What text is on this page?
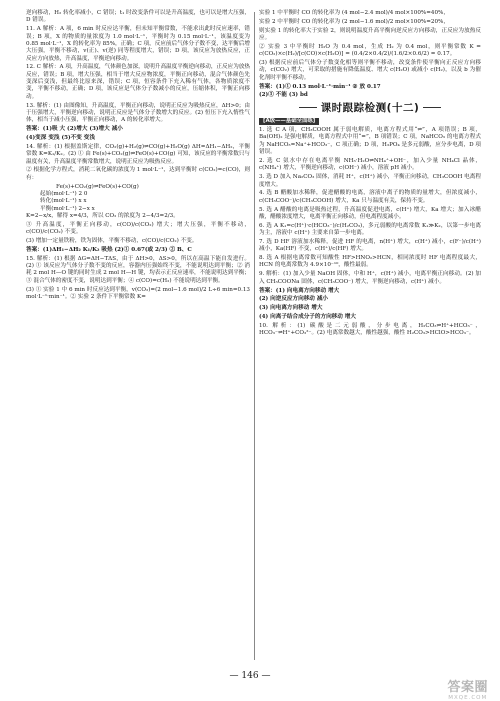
逆向移动，H₂ 转化率减小，C 错误；t₁ 时改变条件可以是升高温度，也可以是增大压强，D 错误。

11. A 解析：A 项，6 min 时反应达平衡，但未知平衡常数，不能求出此时反应速率，错误；B 项，X 的物质的量浓度为 1.0 mol·L⁻¹，平衡时为 0.15 mol·L⁻¹，该温度变为 0.85 mol·L⁻¹，X 的转化率为 85%，正确；C 项，反应前后气体分子数不变，达平衡后增大压强，平衡不移动，v(正)、v(逆) 同等程度增大，错误；D 项，该反应为放热反应，正反应方向放热，升高温度，平衡逆向移动。

12. C 解析：A 项，升高温度，气体颜色加深，说明升高温度平衡逆向移动，正反应为放热反应，错误；B 项，增大压强，相当于增大反应物浓度，平衡正向移动，混合气体颜色先变深后变浅，但最终比原来深，错误；C 项，恒容条件下充入稀有气体，各物质浓度不变，平衡不移动，正确；D 项，该反应是气体分子数减小的反应，压缩体积，平衡正向移动。

13. 解析：(1) 由图像知，升高温度，平衡正向移动，说明正反应为吸热反应，ΔH>0；由于压强增大，平衡逆向移动，说明正反应是气体分子数增大的反应。(2) 恒压下充入惰性气体，相当于减小压强，平衡正向移动，A 的转化率增大。

答案：(1)吸 大 (2)增大 (3)增大 减小

(4)变深 变浅 (5)不变 变浅

14. 解析：(1) 根据盖斯定律，CO₂(g)+H₂(g)⇌CO(g)+H₂O(g) ΔH=ΔH₁−ΔH₂，平衡常数 K=K₁/K₂。(2) ① 由 Fe(s)+CO₂(g)⇌FeO(s)+CO(g) 可知，该反应的平衡常数只与温度有关，升高温度平衡常数增大，说明正反应为吸热反应。

② 根据化学方程式，消耗二氧化碳的浓度为 1 mol·L⁻¹，达到平衡时 c(CO₂)=c(CO)，则有：

Fe(s)+CO₂(g)⇌FeO(s)+CO(g)
起始(mol·L⁻¹) 2 0
转化(mol·L⁻¹) x x
平衡(mol·L⁻¹) 2−x x

K=2−x/x，解得 x=4/3，所以 CO₂ 的浓度为 2−4/3=2/3。

③ 升高温度，平衡正向移动，c(CO)/c(CO₂) 增大；增大压强，平衡不移动，c(CO)/c(CO₂) 不变。

(3) 增加一定量铁粉，铁为固体，平衡不移动，c(CO)/c(CO₂) 不变。

答案：(1)ΔH₁−ΔH₂ K₁/K₂ 吸热 (2)① 0.67(或 2/3) ② B、C

15. 解析：(1) 根据 ΔG=ΔH−TΔS，由于 ΔH>0，ΔS>0，所以在高温下能自发进行。(2) ① 该反应为气体分子数不变的反应，容器内压强始终不变，不能说明达到平衡；② 消耗 2 mol H—O 键的同时生成 2 mol H—H 键，均表示正反应速率，不能说明达到平衡；③ 混合气体的密度不变，说明达到平衡；④ c(CO)=c(H₂) 不能说明达到平衡。

(3) ① 实验 1 中 6 min 时反应达到平衡，v(CO₂)=(2 mol−1.6 mol)/2 L÷6 min=0.13 mol·L⁻¹·min⁻¹。② 实验 2 条件下平衡常数 K=

实验 1 中平衡时 CO 的转化率为 (4 mol−2.4 mol)/4 mol×100%=40%，

实验 2 中平衡时 CO 的转化率为 (2 mol−1.6 mol)/2 mol×100%=20%，

则实验 1 的转化率大于实验 2，则说明温度升高平衡向逆反应方向移动，正反应为放热反应。

② 实验 3 中平衡时 H₂O 为 0.4 mol，生成 H₂ 为 0.4 mol，则平衡常数 K = c(CO₂)×c(H₂)/[c(CO)×c(H₂O)] = (0.4/2×0.4/2)/(1.6/2×0.6/2) = 0.17。

(3) 根据反应前后气体分子数变化相等则平衡不移动，改变条件使平衡向正反应方向移动，c(CO₂) 增大，可采取的措施有降低温度、增大 c(H₂O) 或减小 c(H₂)，以及 b 为催化剂时平衡不移动。

答案：(1)① 0.13 mol·L⁻¹·min⁻¹ ② 放 0.17

(2)③ 不能 (3) bd

课时跟踪检测(十二)
[A级——基础全面练]

1. 选 C A 项，CH₃COOH 属于弱电解质，电离方程式用“⇌”，A 项错误；B 项，Ba(OH)₂ 是强电解质，电离方程式中用“=”，B 项错误；C 项，NaHCO₃ 的电离方程式为 NaHCO₃=Na⁺+HCO₃⁻，C 项正确；D 项，H₃PO₄ 是多元弱酸，应分步电离，D 项错误。

2. 选 C 氨水中存在电离平衡 NH₃·H₂O⇌NH₄⁺+OH⁻，加入少量 NH₄Cl 晶体，c(NH₄⁺) 增大，平衡逆向移动，c(OH⁻) 减小，溶液 pH 减小。

3. 选 D 加入 Na₂CO₃ 固体，消耗 H⁺，c(H⁺) 减小，平衡正向移动，CH₃COOH 电离程度增大。

4. 选 B 醋酸加水稀释，促进醋酸的电离，溶液中离子的物质的量增大，但浓度减小，c(CH₃COO⁻)/c(CH₃COOH) 增大，Ka 只与温度有关，保持不变。

5. 选 A 醋酸的电离是吸热过程，升高温度促进电离，c(H⁺) 增大，Ka 增大；加入冰醋酸，醋酸浓度增大，电离平衡正向移动，但电离程度减小。

6. 选 A K₁=c(H⁺)·c(HCO₃⁻)/c(H₂CO₃)，多元弱酸的电离常数 K₁≫K₂，以第一步电离为主，溶液中 c(H⁺) 主要来自第一步电离。

7. 选 D HF 溶液加水稀释，促进 HF 的电离，n(H⁺) 增大，c(H⁺) 减小，c(F⁻)/c(H⁺) 减小，Ka(HF) 不变，c(H⁺)/c(HF) 增大。

8. 选 A 根据电离常数可知酸性 HF>HNO₂>HCN，相同浓度时 HF 电离程度最大，HCN 的电离常数为 4.9×10⁻¹⁰，酸性最弱。

9. 解析：(1) 加入少量 NaOH 固体，中和 H⁺，c(H⁺) 减小，电离平衡正向移动。(2) 加入 CH₃COONa 固体，c(CH₃COO⁻) 增大，平衡逆向移动，c(H⁺) 减小。

答案：(1) 向电离方向移动 增大

(2) 向逆反应方向移动 减小

(3) 向电离方向移动 增大

(4) 向离子结合成分子的方向移动 增大

10. 解析：(1) 碳酸是二元弱酸，分步电离，H₂CO₃⇌H⁺+HCO₃⁻，HCO₃⁻⇌H⁺+CO₃²⁻。(2) 电离常数越大，酸性越强，酸性 H₂CO₃>HClO>HCO₃⁻。

— 146 —
答案圈
MXQE.COM
